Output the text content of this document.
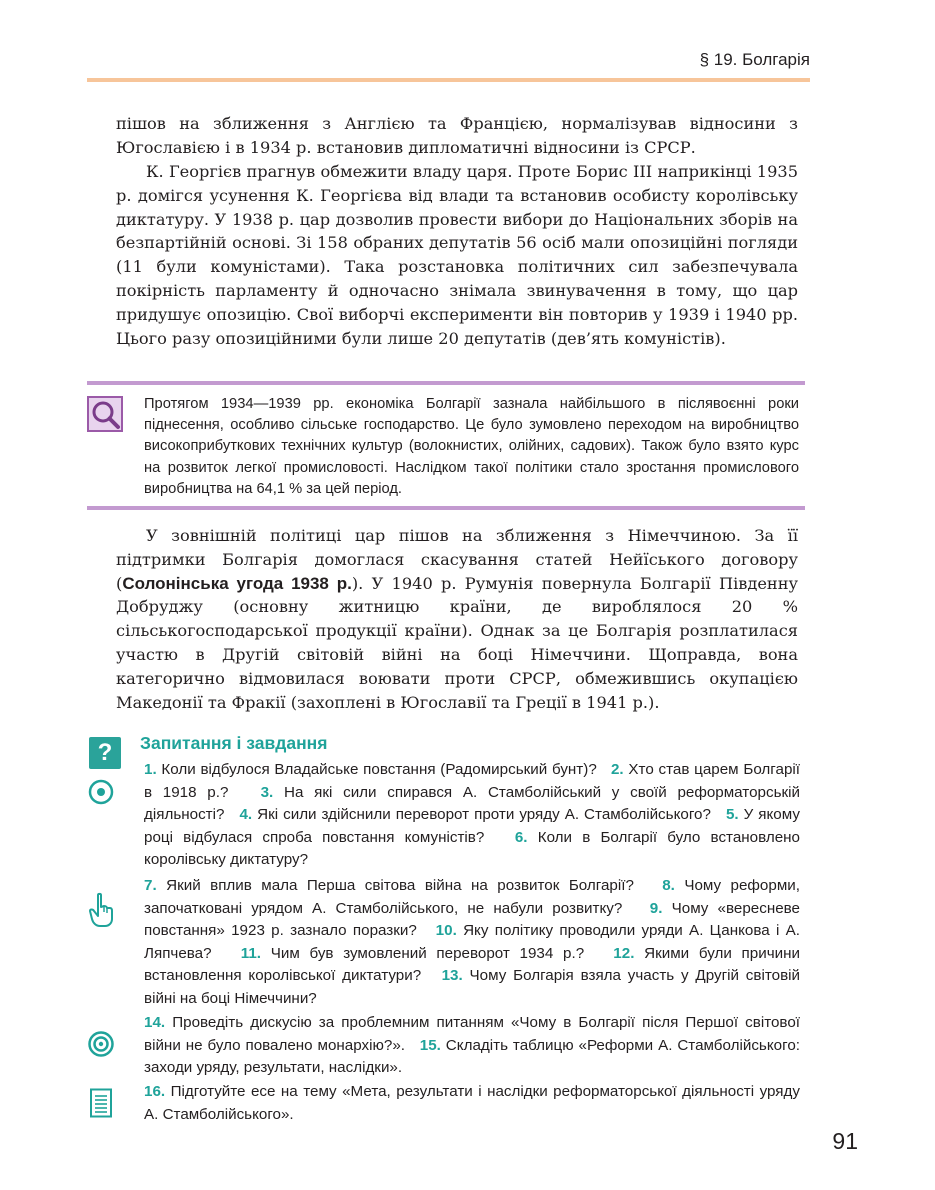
§ 19. Болгарія

пішов на зближення з Англією та Францією, нормалізував відносини з Югославією і в 1934 р. встановив дипломатичні відносини із СРСР.

К. Георгієв прагнув обмежити владу царя. Проте Борис ІІІ наприкінці 1935 р. домігся усунення К. Георгієва від влади та встановив особисту королівську диктатуру. У 1938 р. цар дозволив провести вибори до Національних зборів на безпартійній основі. Зі 158 обраних депутатів 56 осіб мали опозиційні погляди (11 були комуністами). Така розстановка політичних сил забезпечувала покірність парламенту й одночасно знімала звинувачення в тому, що цар придушує опозицію. Свої виборчі експерименти він повторив у 1939 і 1940 рр. Цього разу опозиційними були лише 20 депутатів (дев’ять комуністів).

Протягом 1934—1939 рр. економіка Болгарії зазнала найбільшого в післявоєнні роки піднесення, особливо сільське господарство. Це було зумовлено переходом на виробництво високоприбуткових технічних культур (волокнистих, олійних, садових). Також було взято курс на розвиток легкої промисловості. Наслідком такої політики стало зростання промислового виробництва на 64,1 % за цей період.

У зовнішній політиці цар пішов на зближення з Німеччиною. За її підтримки Болгарія домоглася скасування статей Нейїського договору (Солонінська угода 1938 р.). У 1940 р. Румунія повернула Болгарії Південну Добруджу (основну житницю країни, де вироблялося 20 % сільськогосподарської продукції країни). Однак за це Болгарія розплатилася участю в Другій світовій війні на боці Німеччини. Щоправда, вона категорично відмовилася воювати проти СРСР, обмежившись окупацією Македонії та Фракії (захоплені в Югославії та Греції в 1941 р.).

?	Запитання і завдання

1. Коли відбулося Владайське повстання (Радомирський бунт)? 2. Хто став царем Болгарії в 1918 р.? 3. На які сили спирався А. Стамболійський у своїй реформаторській діяльності? 4. Які сили здійснили переворот проти уряду А. Стамболійського? 5. У якому році відбулася спроба повстання комуністів? 6. Коли в Болгарії було встановлено королівську диктатуру?

7. Який вплив мала Перша світова війна на розвиток Болгарії? 8. Чому реформи, започатковані урядом А. Стамболійського, не набули розвитку? 9. Чому «вересневе повстання» 1923 р. зазнало поразки? 10. Яку політику проводили уряди А. Цанкова і А. Ляпчева? 11. Чим був зумовлений переворот 1934 р.? 12. Якими були причини встановлення королівської диктатури? 13. Чому Болгарія взяла участь у Другій світовій війні на боці Німеччини?

14. Проведіть дискусію за проблемним питанням «Чому в Болгарії після Першої світової війни не було повалено монархію?». 15. Складіть таблицю «Реформи А. Стамболійського: заходи уряду, результати, наслідки».

16. Підготуйте есе на тему «Мета, результати і наслідки реформаторської діяльності уряду А. Стамболійського».

91
